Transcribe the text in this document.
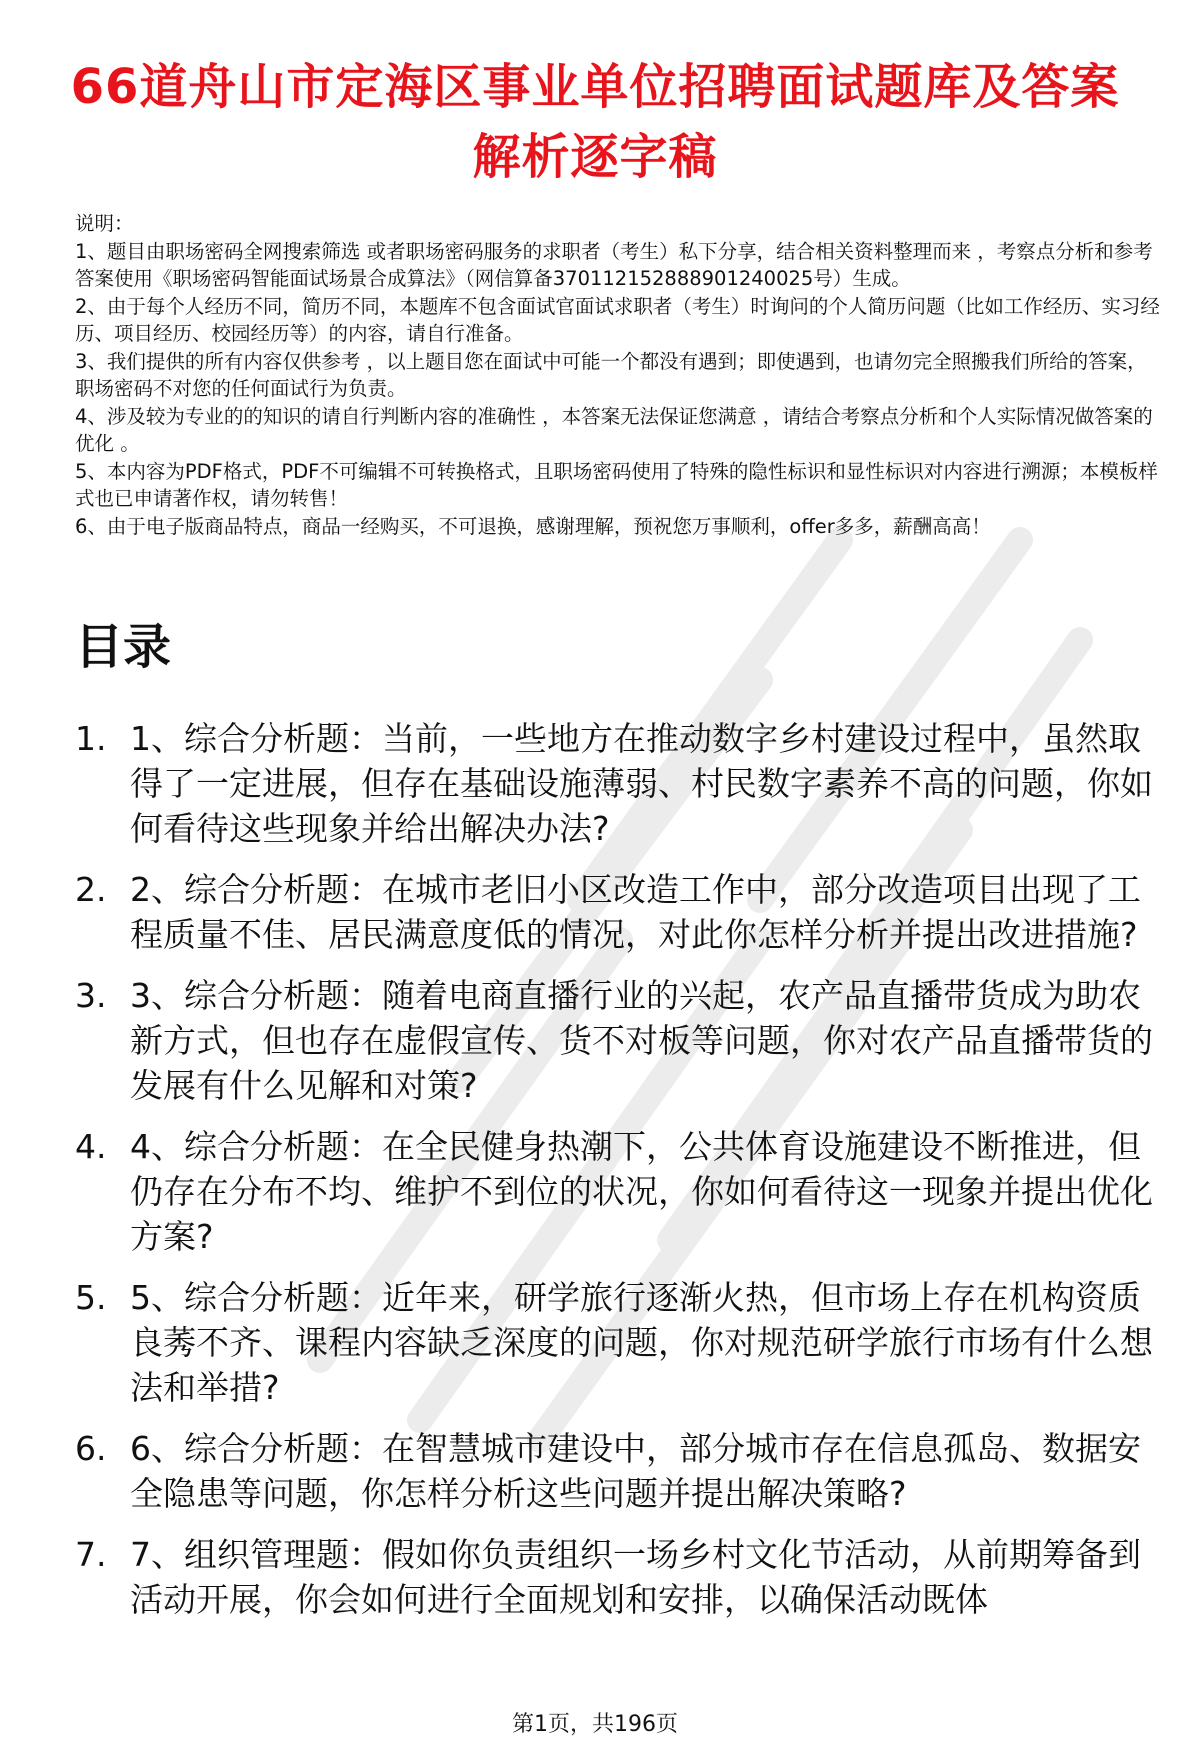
66道舟山市定海区事业单位招聘面试题库及答案解析逐字稿

说明：

1、题目由职场密码全网搜索筛选 或者职场密码服务的求职者（考生）私下分享，结合相关资料整理而来 ，考察点分析和参考答案使用《职场密码智能面试场景合成算法》（网信算备370112152888901240025号）生成。

2、由于每个人经历不同，简历不同，本题库不包含面试官面试求职者（考生）时询问的个人简历问题（比如工作经历、实习经历、项目经历、校园经历等）的内容，请自行准备。

3、我们提供的所有内容仅供参考 ，以上题目您在面试中可能一个都没有遇到；即使遇到，也请勿完全照搬我们所给的答案，职场密码不对您的任何面试行为负责。

4、涉及较为专业的的知识的请自行判断内容的准确性 ，本答案无法保证您满意 ，请结合考察点分析和个人实际情况做答案的优化 。

5、本内容为PDF格式，PDF不可编辑不可转换格式，且职场密码使用了特殊的隐性标识和显性标识对内容进行溯源；本模板样式也已申请著作权，请勿转售！

6、由于电子版商品特点，商品一经购买，不可退换，感谢理解，预祝您万事顺利，offer多多，薪酬高高！

目录
1. 1、综合分析题：当前，一些地方在推动数字乡村建设过程中，虽然取得了一定进展，但存在基础设施薄弱、村民数字素养不高的问题，你如何看待这些现象并给出解决办法?
2. 2、综合分析题：在城市老旧小区改造工作中，部分改造项目出现了工程质量不佳、居民满意度低的情况，对此你怎样分析并提出改进措施?
3. 3、综合分析题：随着电商直播行业的兴起，农产品直播带货成为助农新方式，但也存在虚假宣传、货不对板等问题，你对农产品直播带货的发展有什么见解和对策?
4. 4、综合分析题：在全民健身热潮下，公共体育设施建设不断推进，但仍存在分布不均、维护不到位的状况，你如何看待这一现象并提出优化方案?
5. 5、综合分析题：近年来，研学旅行逐渐火热，但市场上存在机构资质良莠不齐、课程内容缺乏深度的问题，你对规范研学旅行市场有什么想法和举措?
6. 6、综合分析题：在智慧城市建设中，部分城市存在信息孤岛、数据安全隐患等问题，你怎样分析这些问题并提出解决策略?
7. 7、组织管理题：假如你负责组织一场乡村文化节活动，从前期筹备到活动开展，你会如何进行全面规划和安排，以确保活动既体
第1页，共196页
